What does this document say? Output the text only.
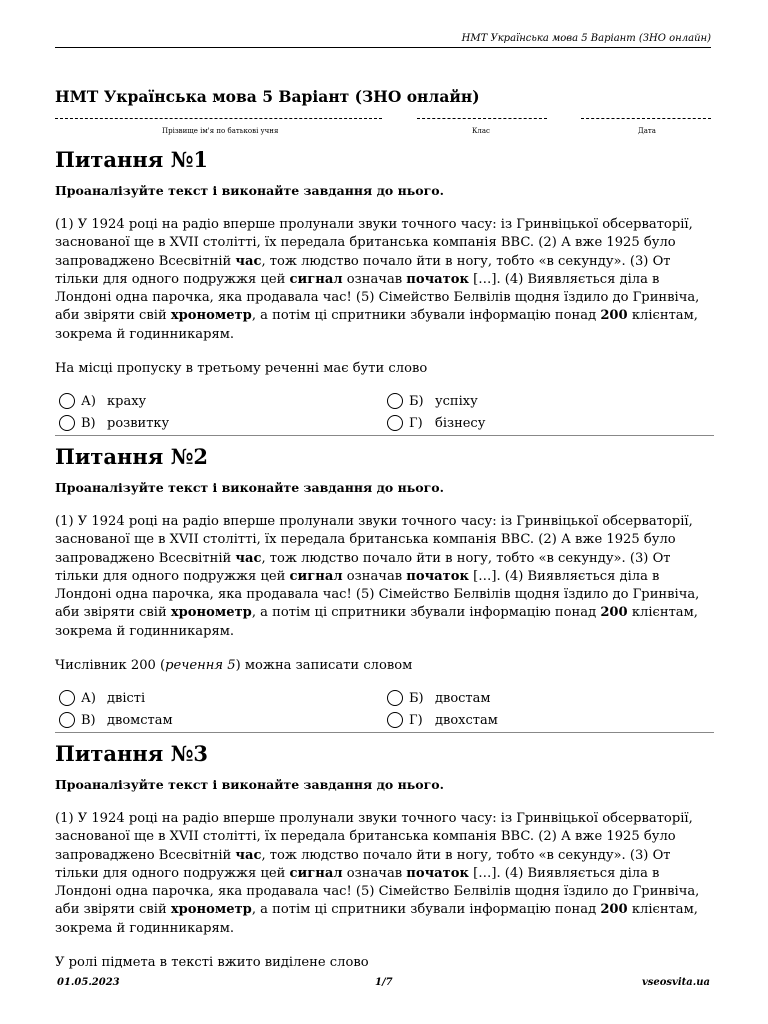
НМТ Українська мова 5 Варіант (ЗНО онлайн)
НМТ Українська мова 5 Варіант (ЗНО онлайн)
Прізвище ім'я по батькові учня	Клас	Дата
Питання №1
Проаналізуйте текст і виконайте завдання до нього.
(1) У 1924 році на радіо вперше пролунали звуки точного часу: із Гринвіцької обсерваторії, заснованої ще в XVII столітті, їх передала британська компанія BBC. (2) А вже 1925 було запроваджено Всесвітній час, тож людство почало йти в ногу, тобто «в секунду». (3) От тільки для одного подружжя цей сигнал означав початок […]. (4) Виявляється діла в Лондоні одна парочка, яка продавала час! (5) Сімейство Белвілів щодня їздило до Гринвіча, аби звіряти свій хронометр, а потім ці спритники збували інформацію понад 200 клієнтам, зокрема й годинникарям.
На місці пропуску в третьому реченні має бути слово
А) краху	Б) успіху
В) розвитку	Г) бізнесу
Питання №2
Проаналізуйте текст і виконайте завдання до нього.
(1) У 1924 році на радіо вперше пролунали звуки точного часу: із Гринвіцької обсерваторії, заснованої ще в XVII столітті, їх передала британська компанія BBC. (2) А вже 1925 було запроваджено Всесвітній час, тож людство почало йти в ногу, тобто «в секунду». (3) От тільки для одного подружжя цей сигнал означав початок […]. (4) Виявляється діла в Лондоні одна парочка, яка продавала час! (5) Сімейство Белвілів щодня їздило до Гринвіча, аби звіряти свій хронометр, а потім ці спритники збували інформацію понад 200 клієнтам, зокрема й годинникарям.
Числівник 200 (речення 5) можна записати словом
А) двісті	Б) двостам
В) двомстам	Г) двохстам
Питання №3
Проаналізуйте текст і виконайте завдання до нього.
(1) У 1924 році на радіо вперше пролунали звуки точного часу: із Гринвіцької обсерваторії, заснованої ще в XVII столітті, їх передала британська компанія BBC. (2) А вже 1925 було запроваджено Всесвітній час, тож людство почало йти в ногу, тобто «в секунду». (3) От тільки для одного подружжя цей сигнал означав початок […]. (4) Виявляється діла в Лондоні одна парочка, яка продавала час! (5) Сімейство Белвілів щодня їздило до Гринвіча, аби звіряти свій хронометр, а потім ці спритники збували інформацію понад 200 клієнтам, зокрема й годинникарям.
У ролі підмета в тексті вжито виділене слово
01.05.2023	1/7	vseosvita.ua
